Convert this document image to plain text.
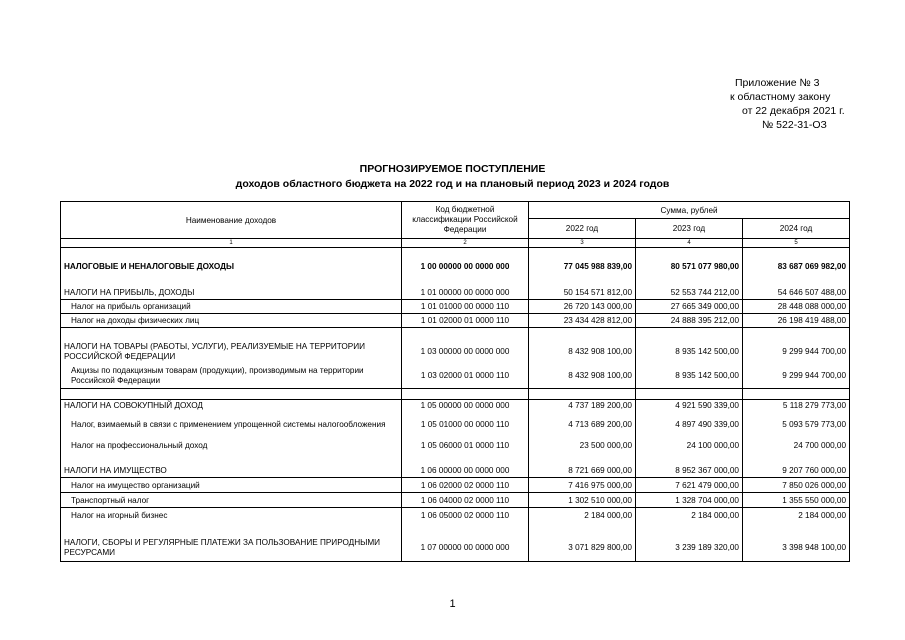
Приложение № 3
к областному закону
от 22 декабря 2021 г.
№ 522-31-ОЗ
ПРОГНОЗИРУЕМОЕ ПОСТУПЛЕНИЕ
доходов областного бюджета на 2022 год и на плановый период 2023 и 2024 годов
Наименование доходов	Код бюджетной классификации Российской Федерации	Сумма, рублей		
		2022 год	2023 год	2024 год
1	2	3	4	5

НАЛОГОВЫЕ И НЕНАЛОГОВЫЕ ДОХОДЫ	1 00 00000 00 0000 000	77 045 988 839,00	80 571 077 980,00	83 687 069 982,00

НАЛОГИ НА ПРИБЫЛЬ, ДОХОДЫ	1 01 00000 00 0000 000	50 154 571 812,00	52 553 744 212,00	54 646 507 488,00
Налог на прибыль организаций	1 01 01000 00 0000 110	26 720 143 000,00	27 665 349 000,00	28 448 088 000,00
Налог на доходы физических лиц	1 01 02000 01 0000 110	23 434 428 812,00	24 888 395 212,00	26 198 419 488,00

НАЛОГИ НА ТОВАРЫ (РАБОТЫ, УСЛУГИ), РЕАЛИЗУЕМЫЕ НА ТЕРРИТОРИИ РОССИЙСКОЙ ФЕДЕРАЦИИ	1 03 00000 00 0000 000	8 432 908 100,00	8 935 142 500,00	9 299 944 700,00
Акцизы по подакцизным товарам (продукции), производимым на территории Российской Федерации	1 03 02000 01 0000 110	8 432 908 100,00	8 935 142 500,00	9 299 944 700,00

НАЛОГИ НА СОВОКУПНЫЙ ДОХОД	1 05 00000 00 0000 000	4 737 189 200,00	4 921 590 339,00	5 118 279 773,00
Налог, взимаемый в связи с применением упрощенной системы налогообложения	1 05 01000 00 0000 110	4 713 689 200,00	4 897 490 339,00	5 093 579 773,00
Налог на профессиональный доход	1 05 06000 01 0000 110	23 500 000,00	24 100 000,00	24 700 000,00

НАЛОГИ НА ИМУЩЕСТВО	1 06 00000 00 0000 000	8 721 669 000,00	8 952 367 000,00	9 207 760 000,00
Налог на имущество организаций	1 06 02000 02 0000 110	7 416 975 000,00	7 621 479 000,00	7 850 026 000,00
Транспортный налог	1 06 04000 02 0000 110	1 302 510 000,00	1 328 704 000,00	1 355 550 000,00
Налог на игорный бизнес	1 06 05000 02 0000 110	2 184 000,00	2 184 000,00	2 184 000,00

НАЛОГИ, СБОРЫ И РЕГУЛЯРНЫЕ ПЛАТЕЖИ ЗА ПОЛЬЗОВАНИЕ ПРИРОДНЫМИ РЕСУРСАМИ	1 07 00000 00 0000 000	3 071 829 800,00	3 239 189 320,00	3 398 948 100,00
1
